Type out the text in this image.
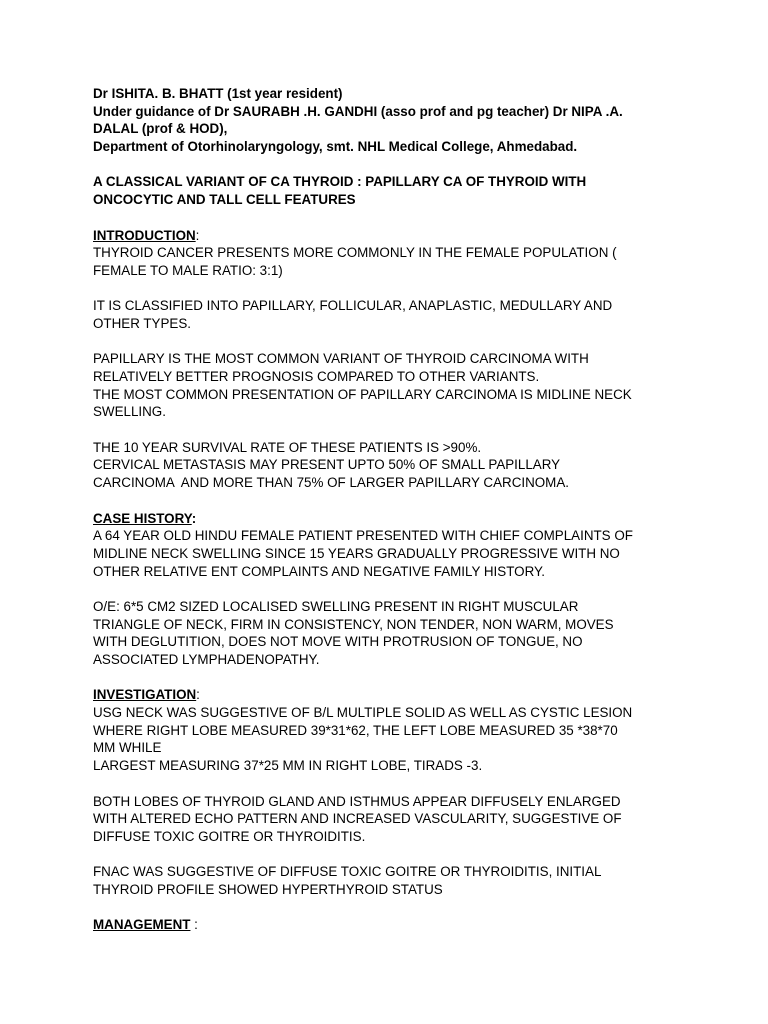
Dr ISHITA. B. BHATT (1st year resident)
Under guidance of Dr SAURABH .H. GANDHI (asso prof and pg teacher) Dr NIPA .A.
DALAL (prof & HOD),
Department of Otorhinolaryngology, smt. NHL Medical College, Ahmedabad.
A CLASSICAL VARIANT OF CA THYROID : PAPILLARY CA OF THYROID WITH
ONCOCYTIC AND TALL CELL FEATURES
INTRODUCTION:
THYROID CANCER PRESENTS MORE COMMONLY IN THE FEMALE POPULATION (
FEMALE TO MALE RATIO: 3:1)
IT IS CLASSIFIED INTO PAPILLARY, FOLLICULAR, ANAPLASTIC, MEDULLARY AND
OTHER TYPES.
PAPILLARY IS THE MOST COMMON VARIANT OF THYROID CARCINOMA WITH
RELATIVELY BETTER PROGNOSIS COMPARED TO OTHER VARIANTS.
THE MOST COMMON PRESENTATION OF PAPILLARY CARCINOMA IS MIDLINE NECK
SWELLING.
THE 10 YEAR SURVIVAL RATE OF THESE PATIENTS IS >90%.
CERVICAL METASTASIS MAY PRESENT UPTO 50% OF SMALL PAPILLARY
CARCINOMA  AND MORE THAN 75% OF LARGER PAPILLARY CARCINOMA.
CASE HISTORY:
A 64 YEAR OLD HINDU FEMALE PATIENT PRESENTED WITH CHIEF COMPLAINTS OF
MIDLINE NECK SWELLING SINCE 15 YEARS GRADUALLY PROGRESSIVE WITH NO
OTHER RELATIVE ENT COMPLAINTS AND NEGATIVE FAMILY HISTORY.
O/E: 6*5 CM2 SIZED LOCALISED SWELLING PRESENT IN RIGHT MUSCULAR
TRIANGLE OF NECK, FIRM IN CONSISTENCY, NON TENDER, NON WARM, MOVES
WITH DEGLUTITION, DOES NOT MOVE WITH PROTRUSION OF TONGUE, NO
ASSOCIATED LYMPHADENOPATHY.
INVESTIGATION:
USG NECK WAS SUGGESTIVE OF B/L MULTIPLE SOLID AS WELL AS CYSTIC LESION
WHERE RIGHT LOBE MEASURED 39*31*62, THE LEFT LOBE MEASURED 35 *38*70
MM WHILE
LARGEST MEASURING 37*25 MM IN RIGHT LOBE, TIRADS -3.
BOTH LOBES OF THYROID GLAND AND ISTHMUS APPEAR DIFFUSELY ENLARGED
WITH ALTERED ECHO PATTERN AND INCREASED VASCULARITY, SUGGESTIVE OF
DIFFUSE TOXIC GOITRE OR THYROIDITIS.
FNAC WAS SUGGESTIVE OF DIFFUSE TOXIC GOITRE OR THYROIDITIS, INITIAL
THYROID PROFILE SHOWED HYPERTHYROID STATUS
MANAGEMENT :
